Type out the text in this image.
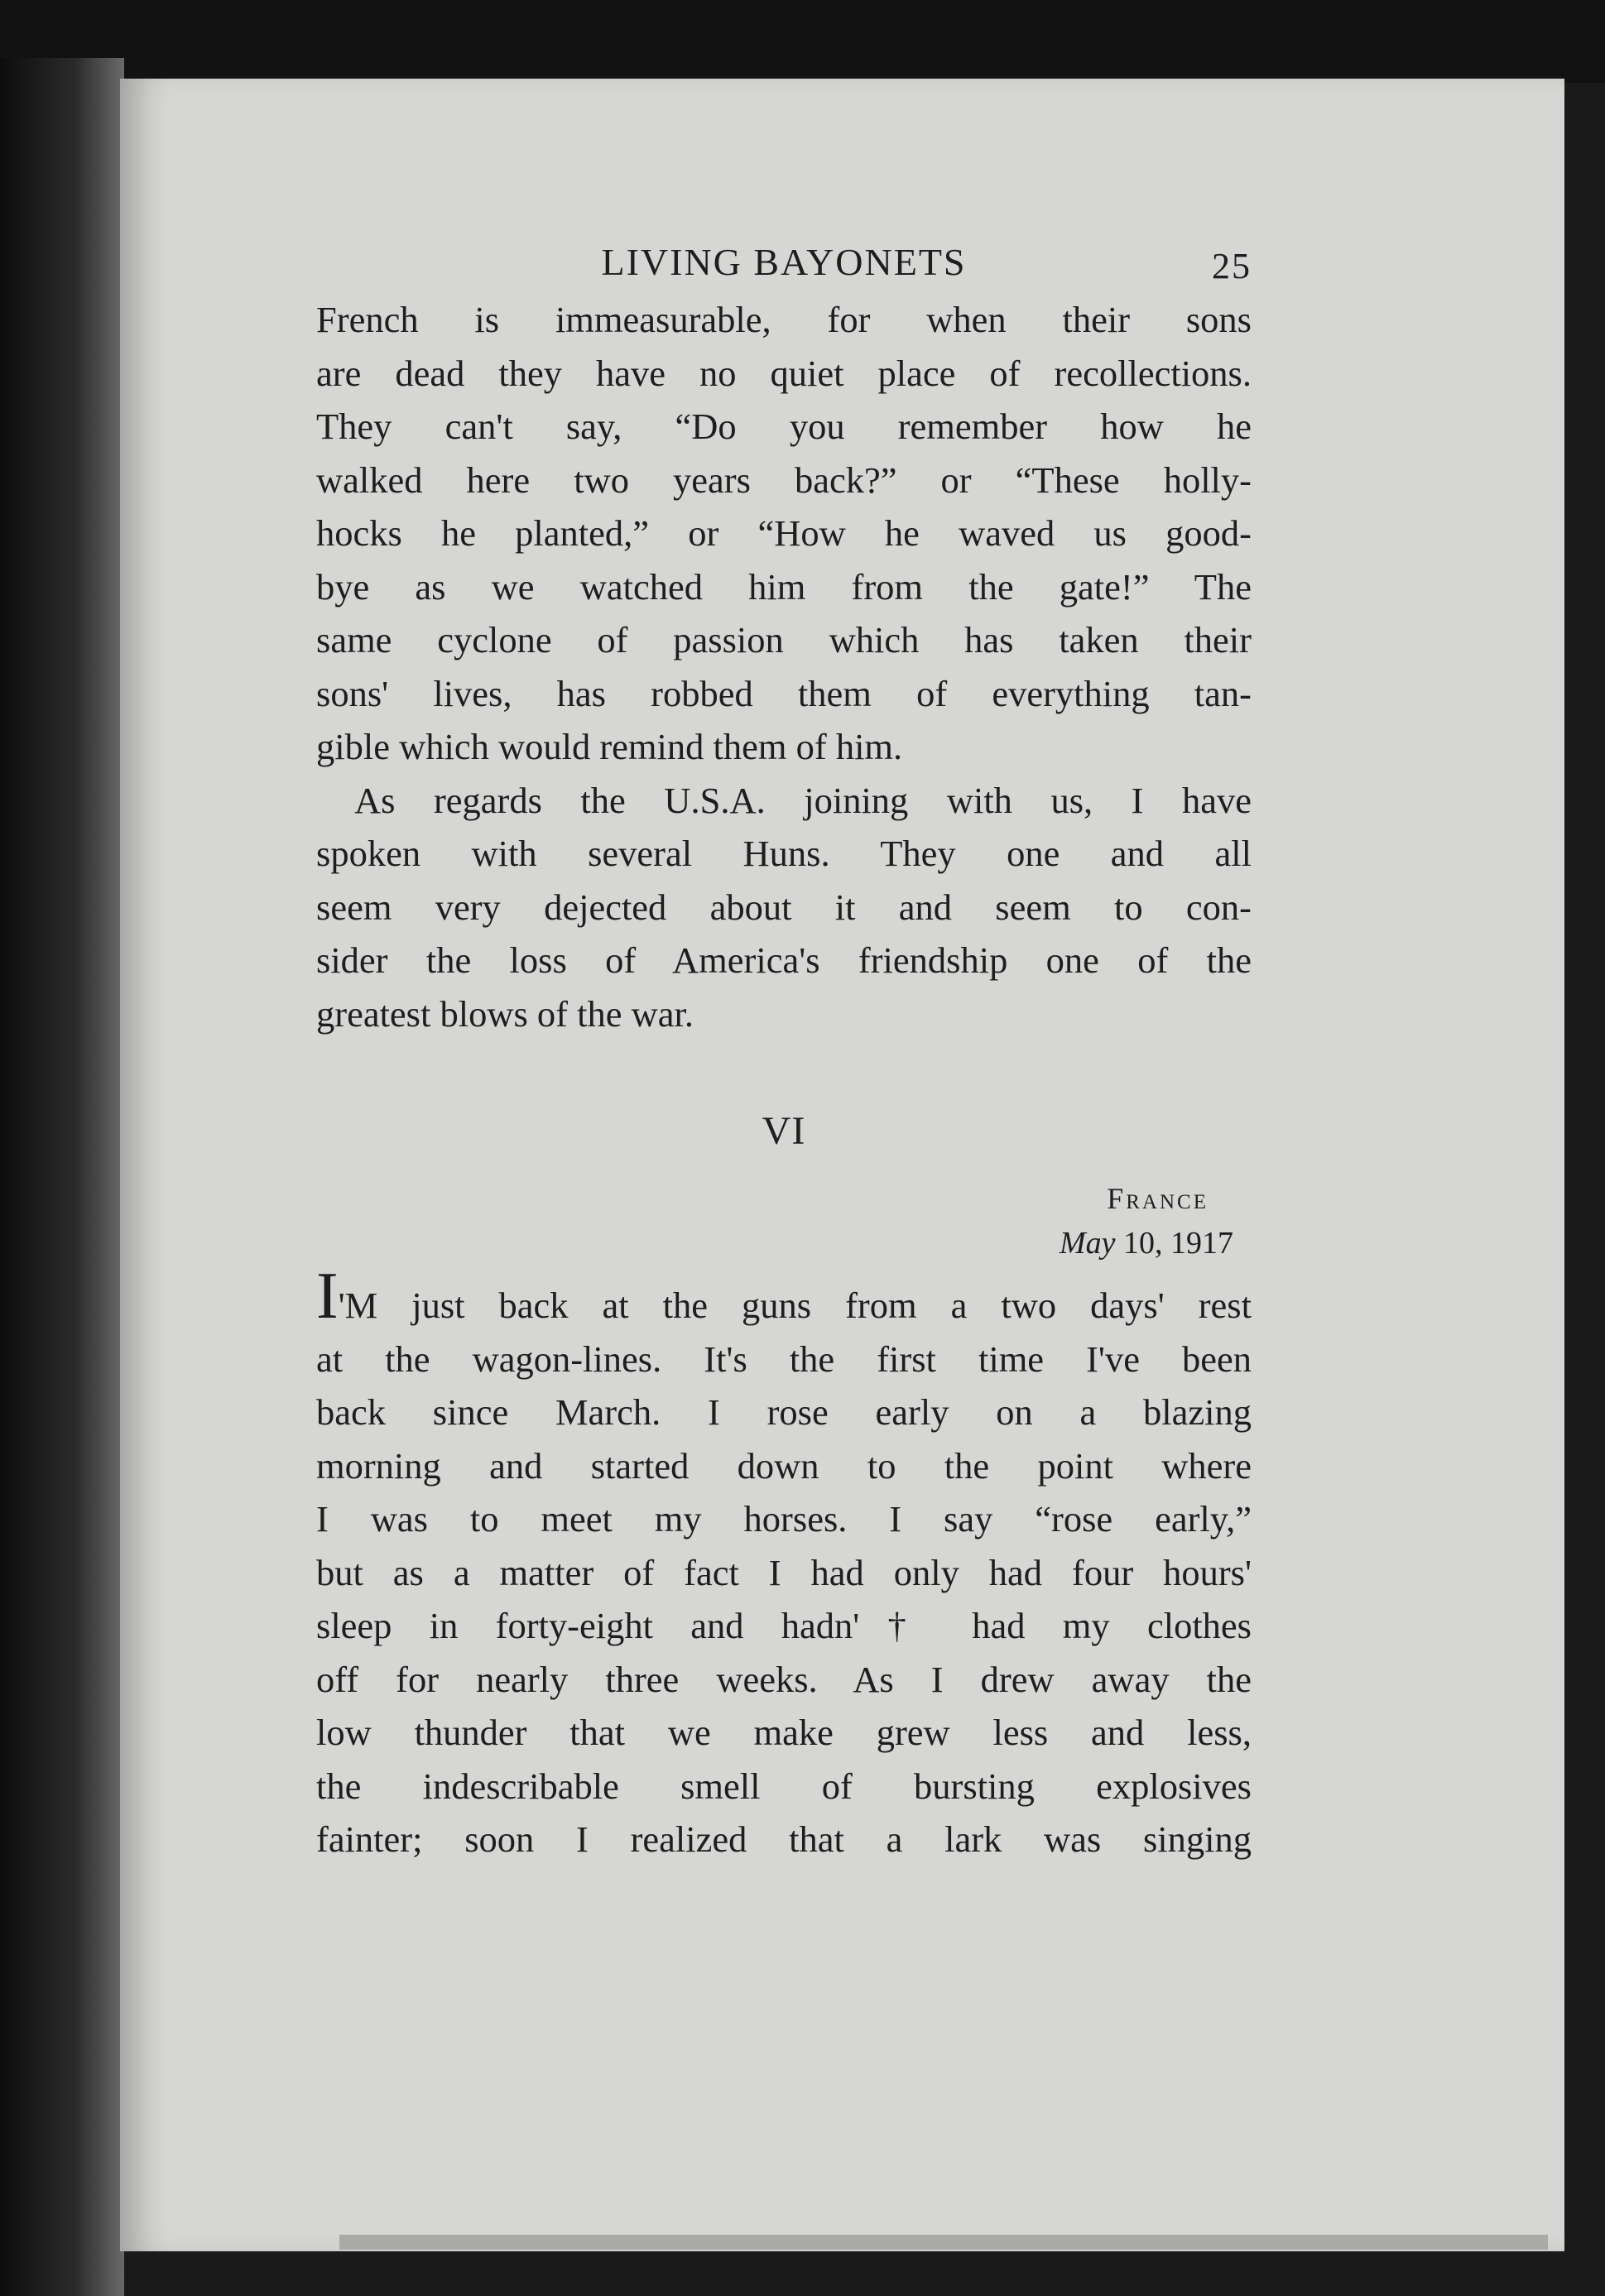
LIVING BAYONETS	25

French is immeasurable, for when their sons
are dead they have no quiet place of recollections.
They can't say, “Do you remember how he
walked here two years back?” or “These holly-
hocks he planted,” or “How he waved us good-
bye as we watched him from the gate!” The
same cyclone of passion which has taken their
sons' lives, has robbed them of everything tan-
gible which would remind them of him.

As regards the U.S.A. joining with us, I have
spoken with several Huns. They one and all
seem very dejected about it and seem to con-
sider the loss of America's friendship one of the
greatest blows of the war.

VI
France
May 10, 1917

I'M just back at the guns from a two days' rest
at the wagon-lines. It's the first time I've been
back since March. I rose early on a blazing
morning and started down to the point where
I was to meet my horses. I say “rose early,”
but as a matter of fact I had only had four hours'
sleep in forty-eight and hadn'† had my clothes
off for nearly three weeks. As I drew away the
low thunder that we make grew less and less,
the indescribable smell of bursting explosives
fainter; soon I realized that a lark was singing
